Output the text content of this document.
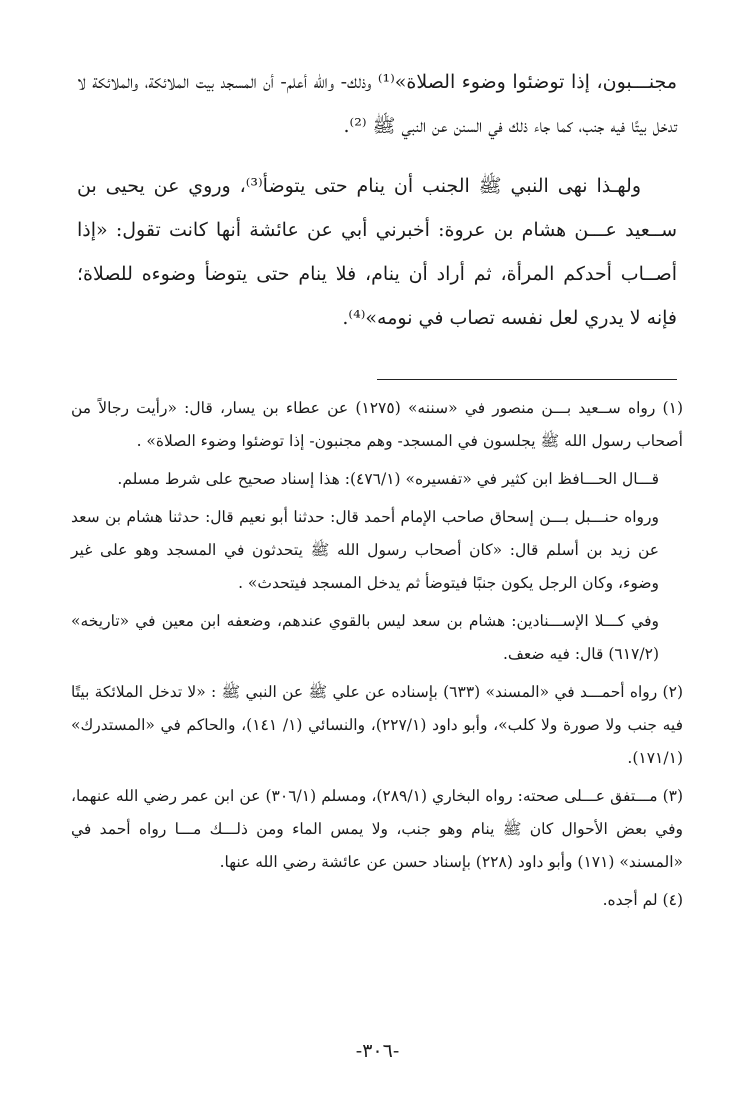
مجنـــبون، إذا توضئوا وضوء الصلاة»⁽¹⁾ وذلك- والله أعلم- أن المسجد بيت الملائكة، والملائكة لا تدخل بيتًا فيه جنب، كما جاء ذلك في السنن عن النبي ﷺ ⁽²⁾.

ولهـذا نهى النبي ﷺ الجنب أن ينام حتى يتوضأ⁽³⁾، وروي عن يحيى بن ســعيد عـــن هشام بن عروة: أخبرني أبي عن عائشة أنها كانت تقول: «إذا أصــاب أحدكم المرأة، ثم أراد أن ينام، فلا ينام حتى يتوضأ وضوءه للصلاة؛ فإنه لا يدري لعل نفسه تصاب في نومه»⁽⁴⁾.

(١) رواه ســعيد بـــن منصور في «سننه» (١٢٧٥) عن عطاء بن يسار، قال: «رأيت رجالاً من أصحاب رسول الله ﷺ يجلسون في المسجد- وهم مجنبون- إذا توضئوا وضوء الصلاة» .

قـــال الحـــافظ ابن كثير في «تفسيره» (٤٧٦/١): هذا إسناد صحيح على شرط مسلم.

ورواه حنـــبل بـــن إسحاق صاحب الإمام أحمد قال: حدثنا أبو نعيم قال: حدثنا هشام بن سعد عن زيد بن أسلم قال: «كان أصحاب رسول الله ﷺ يتحدثون في المسجد وهو على غير وضوء، وكان الرجل يكون جنبًا فيتوضأ ثم يدخل المسجد فيتحدث» .

وفي كـــلا الإســـنادين: هشام بن سعد ليس بالقوي عندهم، وضعفه ابن معين في «تاريخه» (٦١٧/٢) قال: فيه ضعف.

(٢) رواه أحمـــد في «المسند» (٦٣٣) بإسناده عن علي ﷺ عن النبي ﷺ : «لا تدخل الملائكة بيتًا فيه جنب ولا صورة ولا كلب»، وأبو داود (٢٢٧/١)، والنسائي (١/ ١٤١)، والحاكم في «المستدرك» (١٧١/١).

(٣) مـــتفق عـــلى صحته: رواه البخاري (٢٨٩/١)، ومسلم (٣٠٦/١) عن ابن عمر رضي الله عنهما، وفي بعض الأحوال كان ﷺ ينام وهو جنب، ولا يمس الماء ومن ذلـــك مـــا رواه أحمد في «المسند» (١٧١) وأبو داود (٢٢٨) بإسناد حسن عن عائشة رضي الله عنها.

(٤) لم أجده.

-٣٠٦-
